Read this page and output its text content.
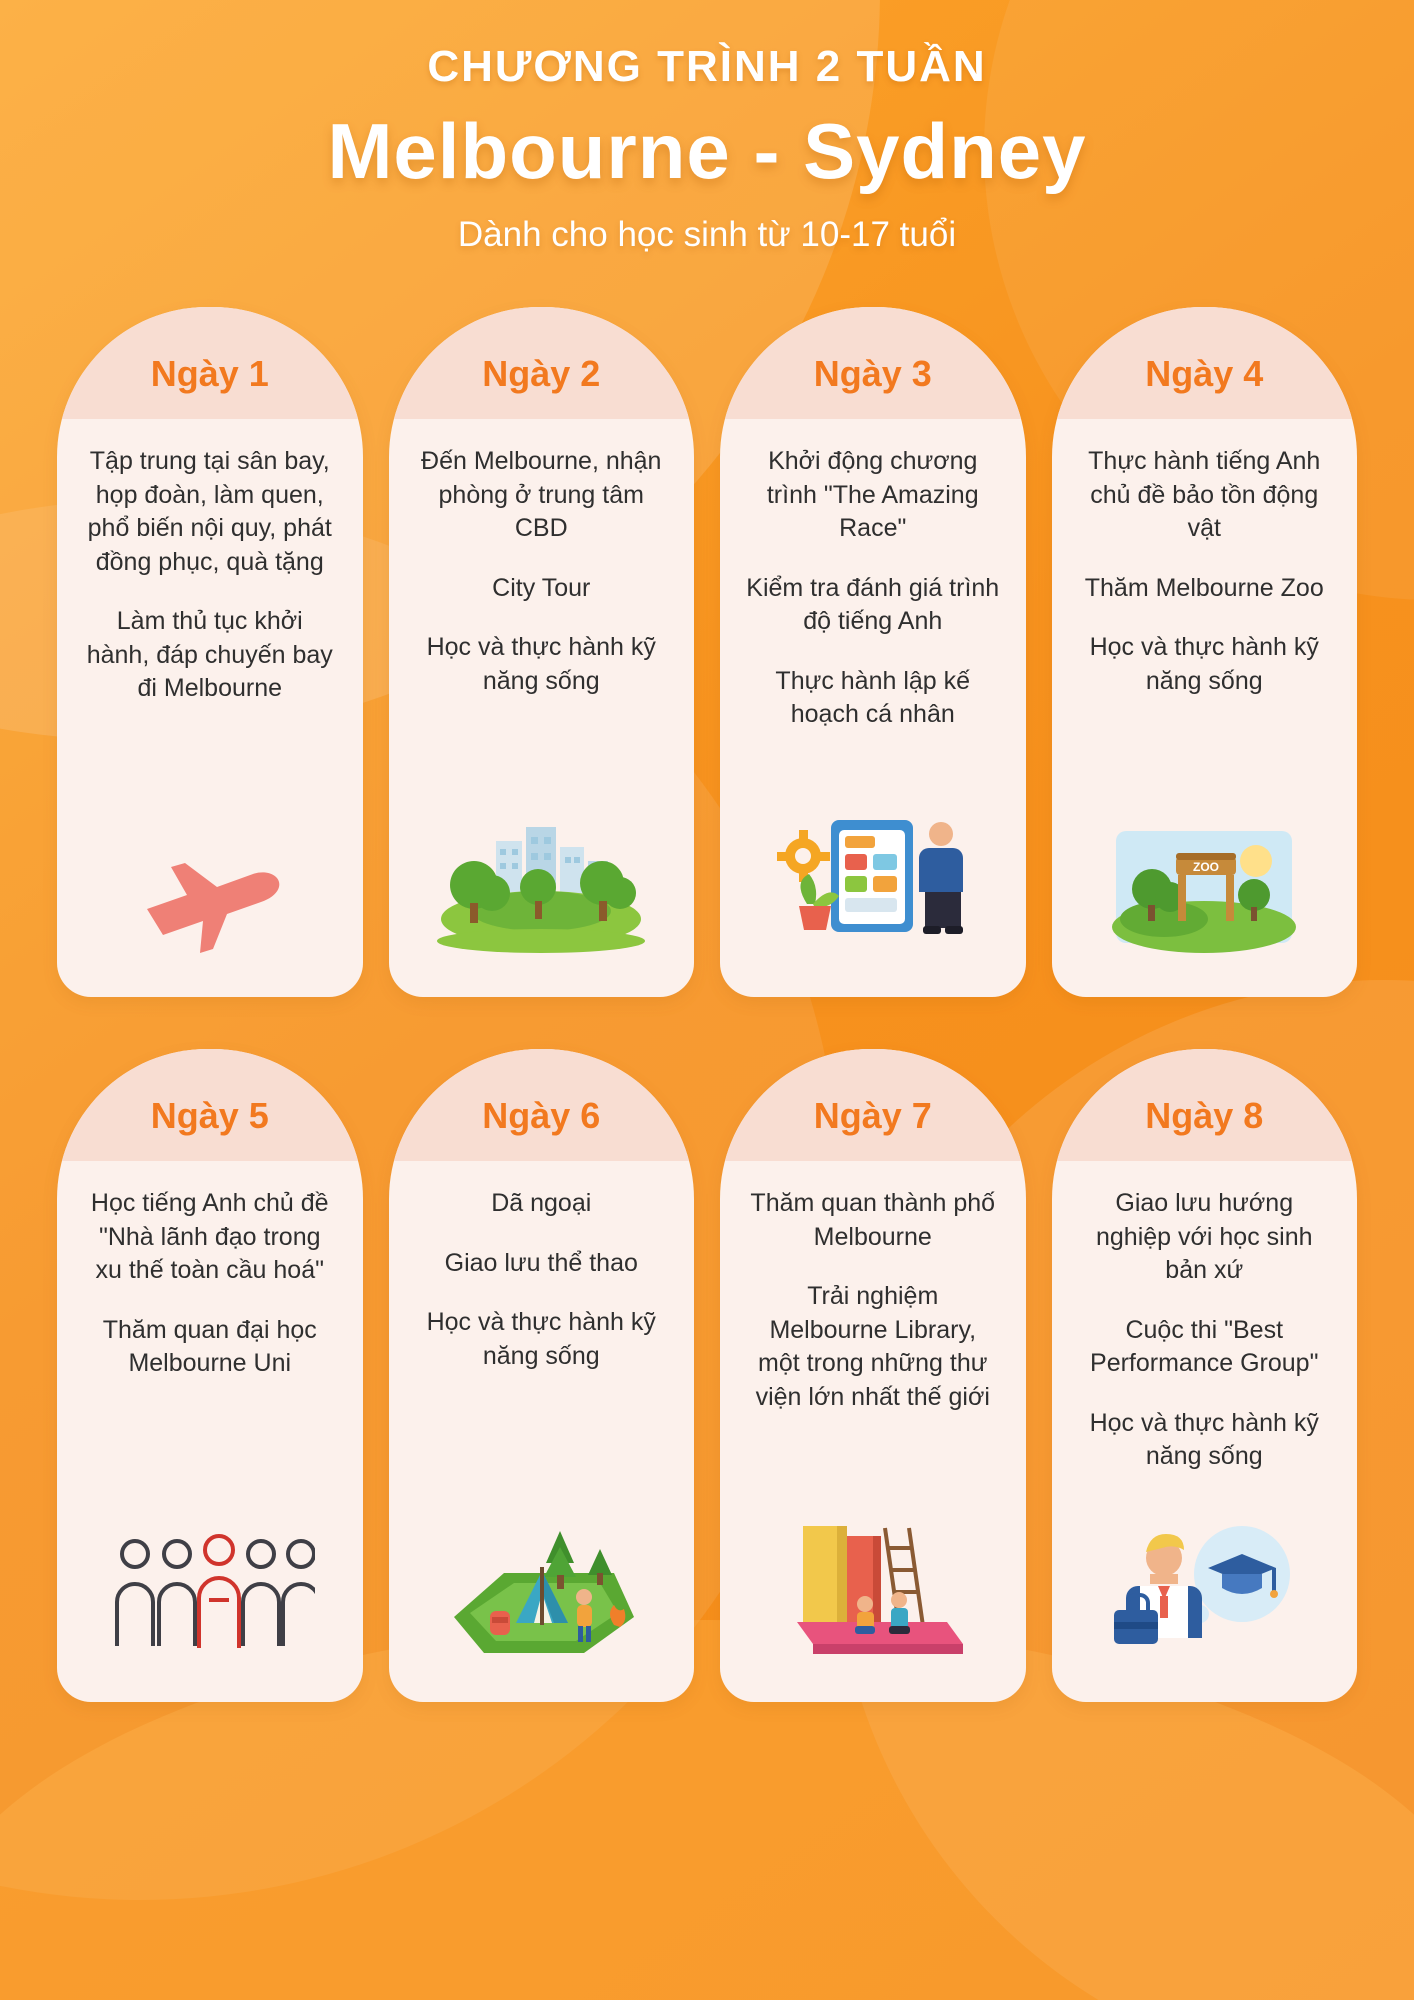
CHƯƠNG TRÌNH 2 TUẦN
Melbourne - Sydney
Dành cho học sinh từ 10-17 tuổi
Ngày 1
Tập trung tại sân bay, họp đoàn, làm quen, phổ biến nội quy, phát đồng phục, quà tặng
Làm thủ tục khởi hành, đáp chuyến bay đi Melbourne
Ngày 2
Đến Melbourne, nhận phòng ở trung tâm CBD
City Tour
Học và thực hành kỹ năng sống
Ngày 3
Khởi động chương trình "The Amazing Race"
Kiểm tra đánh giá trình độ tiếng Anh
Thực hành lập kế hoạch cá nhân
Ngày 4
Thực hành tiếng Anh chủ đề bảo tồn động vật
Thăm Melbourne Zoo
Học và thực hành kỹ năng sống
ZOO
Ngày 5
Học tiếng Anh chủ đề "Nhà lãnh đạo trong xu thế toàn cầu hoá"
Thăm quan đại học Melbourne Uni
Ngày 6
Dã ngoại
Giao lưu thể thao
Học và thực hành kỹ năng sống
Ngày 7
Thăm quan thành phố Melbourne
Trải nghiệm Melbourne Library, một trong những thư viện lớn nhất thế giới
Ngày 8
Giao lưu hướng nghiệp với học sinh bản xứ
Cuộc thi "Best Performance Group"
Học và thực hành kỹ năng sống
